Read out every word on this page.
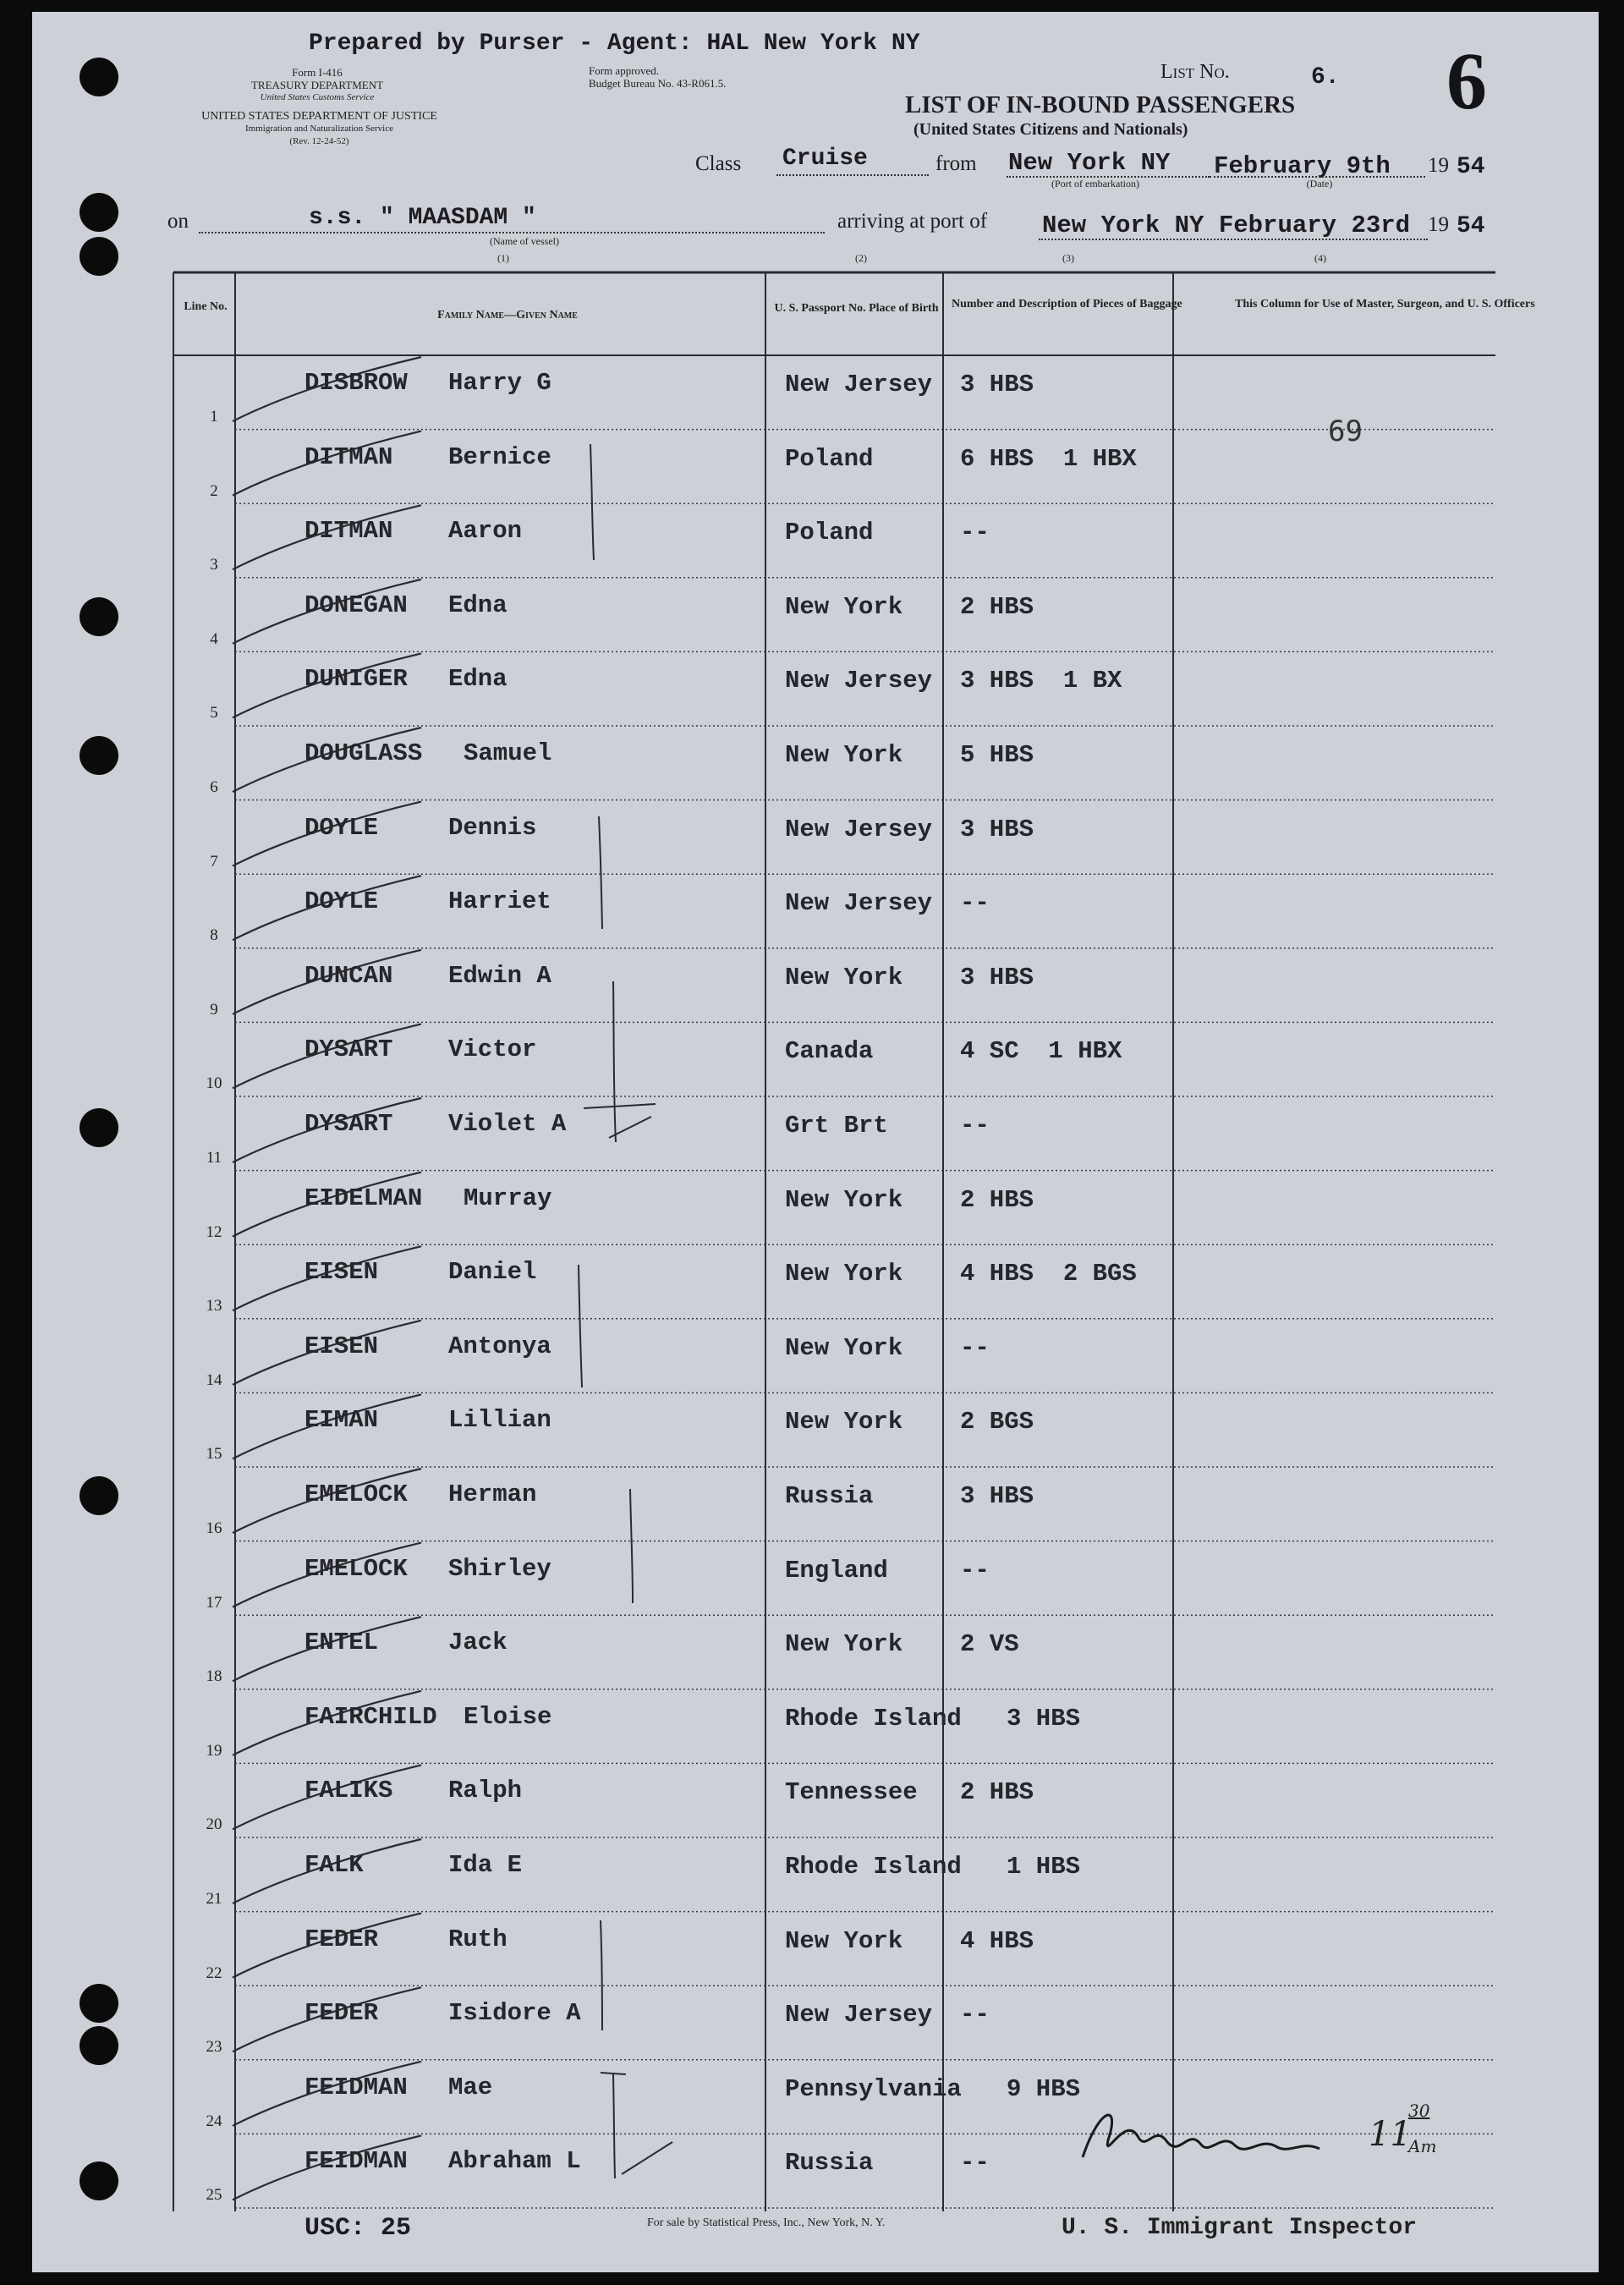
Prepared by Purser - Agent: HAL New York NY
Form I-416
TREASURY DEPARTMENT
United States Customs Service
UNITED STATES DEPARTMENT OF JUSTICE
Immigration and Naturalization Service
(Rev. 12-24-52)
Form approved.
Budget Bureau No. 43-R061.5.
List No.	6. 6
LIST OF IN-BOUND PASSENGERS
(United States Citizens and Nationals)
Class Cruise	from New York NY
(Port of embarkation)
February 9th
(Date)
19 54
on	s.s. " MAASDAM "
(Name of vessel)
arriving at port of New York NY February 23rd 19 54
(1)	(2)	(3)	(4)
Line No.
Family Name—Given Name
U. S. Passport No. Place of Birth Number and Description of Pieces of Baggage	This Column for Use of Master, Surgeon, and U. S. Officers
1
DISBROW Harry G	New Jersey 3 HBS
2
DITMAN Bernice	Poland	6 HBS  1 HBX
3
DITMAN Aaron	Poland	--
4
DONEGAN Edna	New York 2 HBS
5
DUNIGER Edna	New Jersey 3 HBS  1 BX
6
DOUGLASS Samuel	New York 5 HBS
7
DOYLE	Dennis	New Jersey 3 HBS
8
DOYLE	Harriet	New Jersey --
9
DUNCAN Edwin A	New York 3 HBS
10
DYSART Victor	Canada	4 SC  1 HBX
11
DYSART Violet A	Grt Brt	--
12
EIDELMAN Murray	New York 2 HBS
13
EISEN	Daniel	New York 4 HBS  2 BGS
14
EISEN	Antonya	New York --
15
EIMAN	Lillian	New York 2 BGS
16
EMELOCK Herman	Russia	3 HBS
17
EMELOCK Shirley	England	--
18
ENTEL	Jack	New York 2 VS
19
FAIRCHILD Eloise	Rhode Island 3 HBS
20
FALIKS Ralph	Tennessee 2 HBS
21
FALK	Ida E	Rhode Island 1 HBS
22
FEDER	Ruth	New York 4 HBS
23
FEDER	Isidore A	New Jersey --
24
FEIDMAN Mae	Pennsylvania 9 HBS
25
FEIDMAN Abraham L	Russia	--
69
11
30
Am
USC: 25	For sale by Statistical Press, Inc., New York, N. Y.	U. S. Immigrant Inspector
